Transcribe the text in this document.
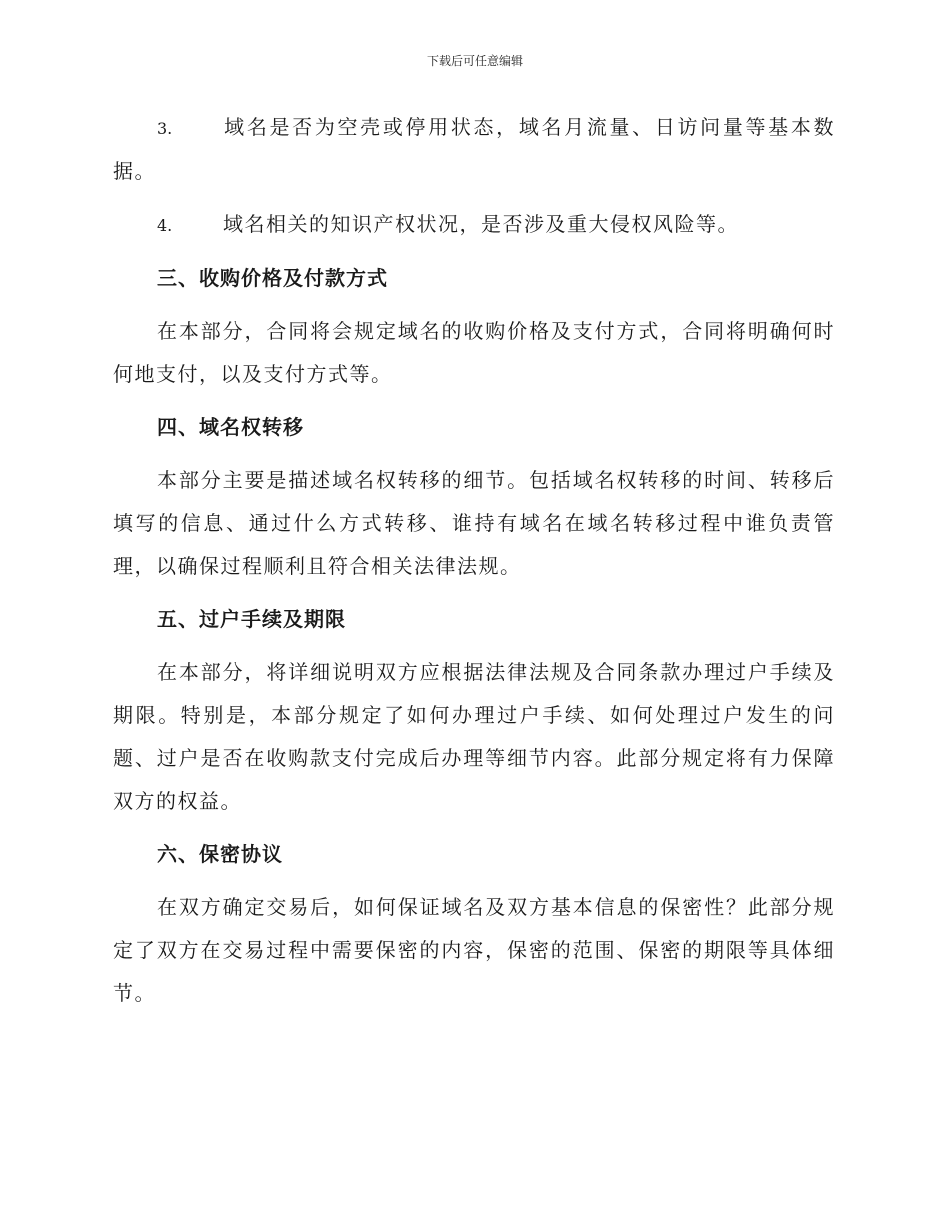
下载后可任意编辑

3.	域名是否为空壳或停用状态，域名月流量、日访问量等基本数据。

4.	域名相关的知识产权状况，是否涉及重大侵权风险等。

三、收购价格及付款方式

在本部分，合同将会规定域名的收购价格及支付方式，合同将明确何时何地支付，以及支付方式等。

四、域名权转移

本部分主要是描述域名权转移的细节。包括域名权转移的时间、转移后填写的信息、通过什么方式转移、谁持有域名在域名转移过程中谁负责管理，以确保过程顺利且符合相关法律法规。

五、过户手续及期限

在本部分，将详细说明双方应根据法律法规及合同条款办理过户手续及期限。特别是，本部分规定了如何办理过户手续、如何处理过户发生的问题、过户是否在收购款支付完成后办理等细节内容。此部分规定将有力保障双方的权益。

六、保密协议

在双方确定交易后，如何保证域名及双方基本信息的保密性？此部分规定了双方在交易过程中需要保密的内容，保密的范围、保密的期限等具体细节。
